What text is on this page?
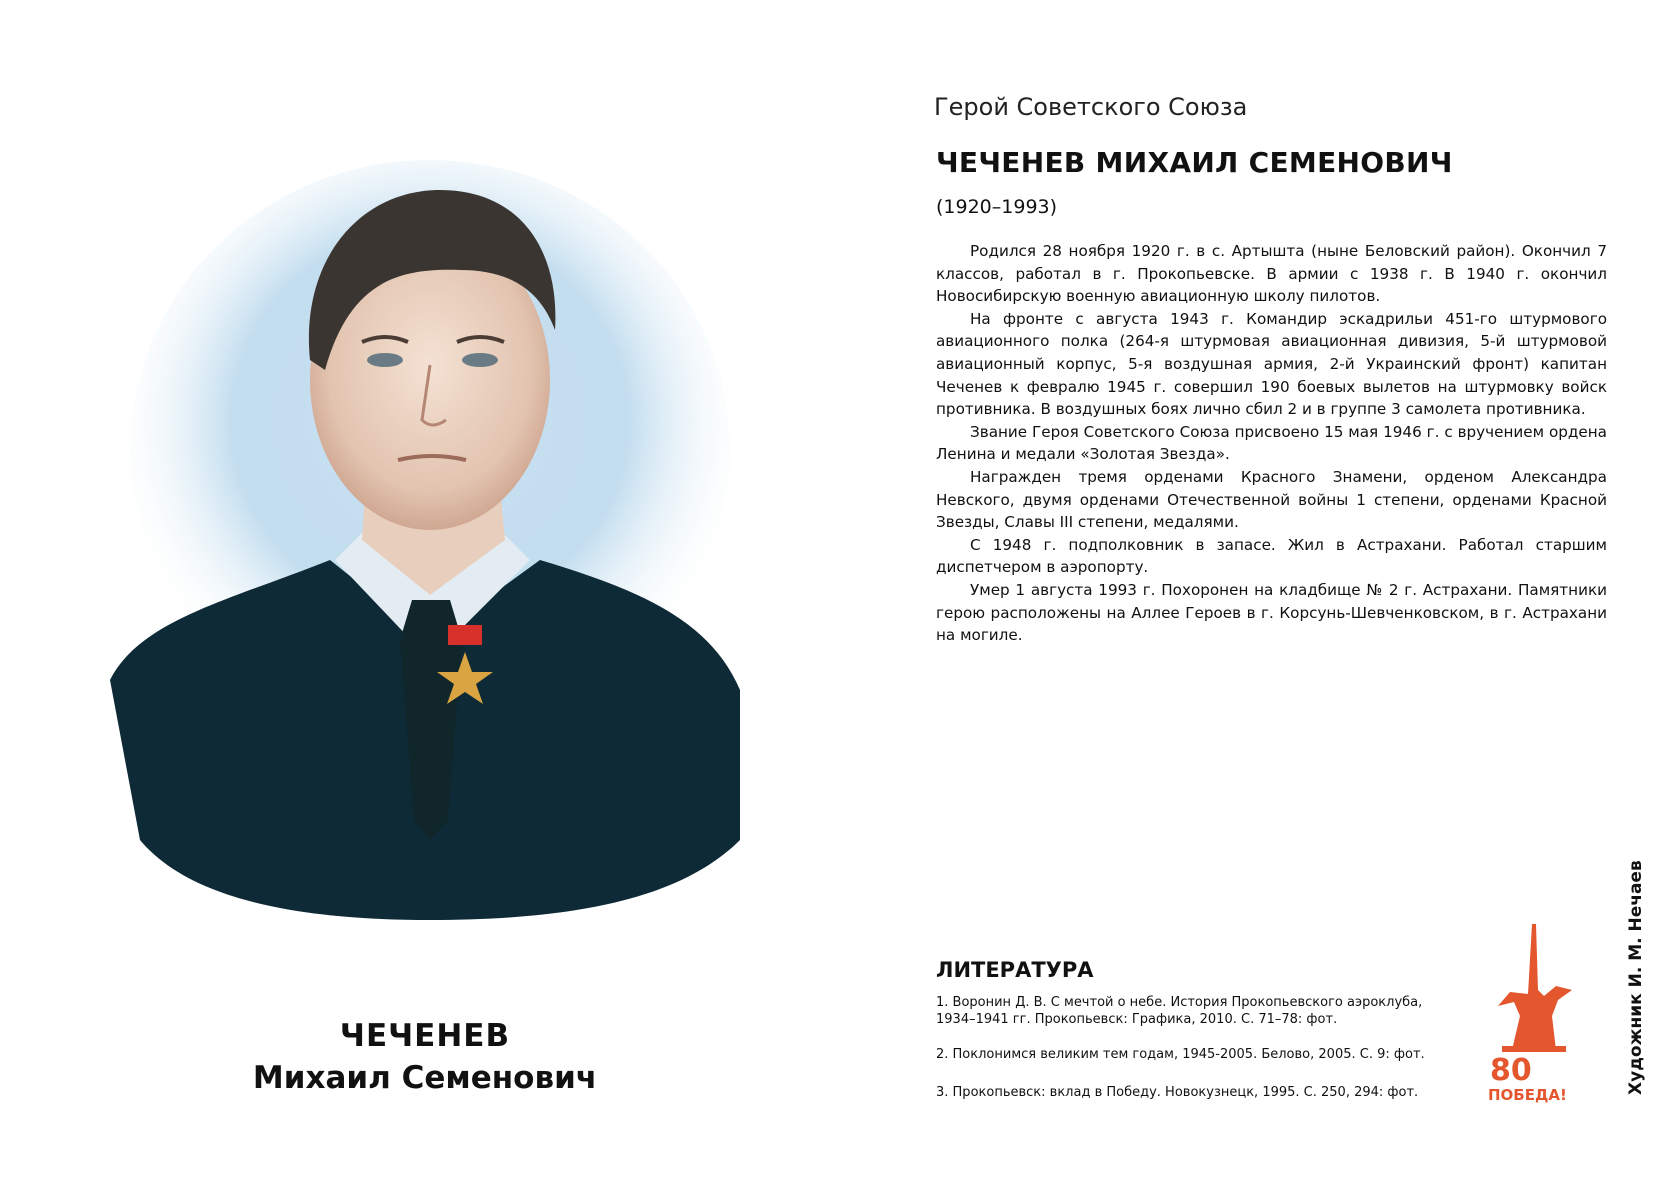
ЧЕЧЕНЕВ
Михаил Семенович
Герой Советского Союза
ЧЕЧЕНЕВ МИХАИЛ СЕМЕНОВИЧ
(1920–1993)

Родился 28 ноября 1920 г. в с. Артышта (ныне Беловский район). Окончил 7 классов, работал в г. Прокопьевске. В армии с 1938 г. В 1940 г. окончил Новосибирскую военную авиационную школу пилотов.

На фронте с августа 1943 г. Командир эскадрильи 451-го штурмового авиационного полка (264-я штурмовая авиационная дивизия, 5-й штурмовой авиационный корпус, 5-я воздушная армия, 2-й Украинский фронт) капитан Чеченев к февралю 1945 г. совершил 190 боевых вылетов на штурмовку войск противника. В воздушных боях лично сбил 2 и в группе 3 самолета противника.

Звание Героя Советского Союза присвоено 15 мая 1946 г. с вручением ордена Ленина и медали «Золотая Звезда».

Награжден тремя орденами Красного Знамени, орденом Александра Невского, двумя орденами Отечественной войны 1 степени, орденами Красной Звезды, Славы III степени, медалями.

С 1948 г. подполковник в запасе. Жил в Астрахани. Работал старшим диспетчером в аэропорту.

Умер 1 августа 1993 г. Похоронен на кладбище № 2 г. Астрахани. Памятники герою расположены на Аллее Героев в г. Корсунь-Шевченковском, в г. Астрахани на могиле.

ЛИТЕРАТУРА
1. Воронин Д. В. С мечтой о небе. История Прокопьевского аэроклуба, 1934–1941 гг. Прокопьевск: Графика, 2010. С. 71–78: фот.
2. Поклонимся великим тем годам, 1945-2005. Белово, 2005. С. 9: фот.
3. Прокопьевск: вклад в Победу. Новокузнецк, 1995. С. 250, 294: фот.
80
ПОБЕДА!	Художник И. М. Нечаев
